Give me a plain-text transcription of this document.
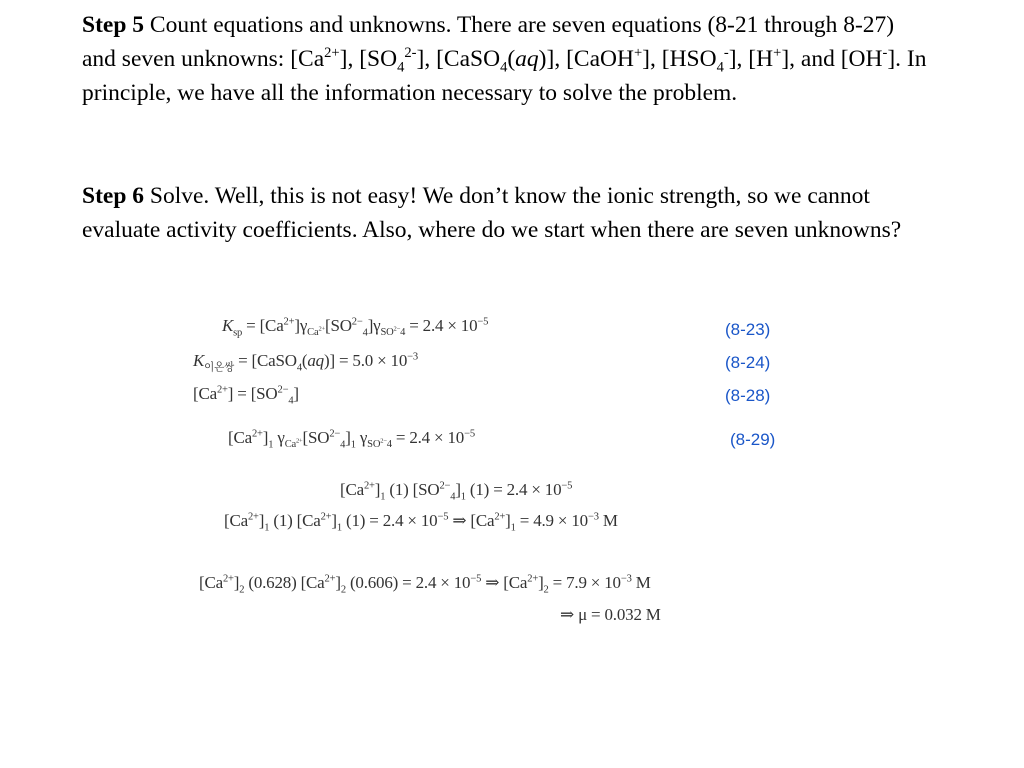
Step 5 Count equations and unknowns. There are seven equations (8-21 through 8-27) and seven unknowns: $[Ca^{2+}]$, $[SO_4^{2-}]$, [CaSO$_4$(aq)], [CaOH+], $[HSO_4^-]$, [H+], and [OH-]. In principle, we have all the information necessary to solve the problem.

Step 6 Solve. Well, this is not easy! We don’t know the ionic strength, so we cannot evaluate activity coefficients. Also, where do we start when there are seven unknowns?

$K_{sp} = [Ca^{2+}]\gamma_{Ca^{2+}}[SO^{2-}_4]\gamma_{SO^{2-}4} = 2.4 \times 10^{-5}$	(8-23)
$K_{이온쌍}$ = [CaSO$_4$(aq)] = $5.0 \times 10^{-3}$	(8-24)
$[Ca^{2+}] = [SO^{2-}_4]$	(8-28)
$[Ca^{2+}]_1$ $\gamma_{Ca^{2+}}[SO^{2-}_4]_1$ $\gamma_{SO^{2-}4} = 2.4 \times 10^{-5}$	(8-29)
$[Ca^{2+}]_1$ (1) $[SO^{2-}_4]_1$ $(1) = 2.4 \times 10^{-5}$
$[Ca^{2+}]_1$ (1) $[Ca^{2+}]_1$ $(1) = 2.4 \times 10^{-5}$ ⇒ $[Ca^{2+}]_1 = 4.9 \times 10^{-3}$ M
$[Ca^{2+}]_2$ (0.628) $[Ca^{2+}]_2$ $(0.606) = 2.4 \times 10^{-5}$ ⇒ $[Ca^{2+}]_2 = 7.9 \times 10^{-3}$ M
⇒ μ = 0.032 M
